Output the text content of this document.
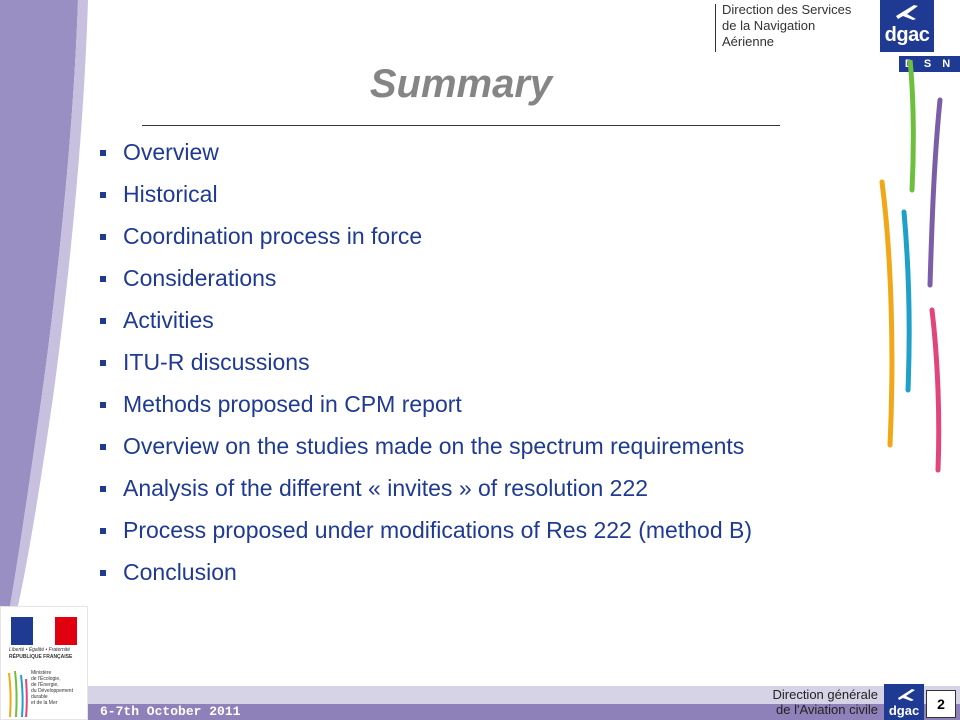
Direction des Services
de la Navigation
Aérienne	dgac
D S N A
Summary
Overview
Historical
Coordination process in force
Considerations
Activities
ITU-R discussions
Methods proposed in CPM report
Overview on the studies made on the spectrum requirements
Analysis of the different « invites » of resolution 222
Process proposed under modifications of Res 222 (method B)
Conclusion
6-7th October 2011
Direction générale
de l'Aviation civile dgac	2
Liberté • Égalité • Fraternité
RÉPUBLIQUE FRANÇAISE
Ministère
de l'Écologie,
de l'Énergie,
du Développement
durable
et de la Mer
